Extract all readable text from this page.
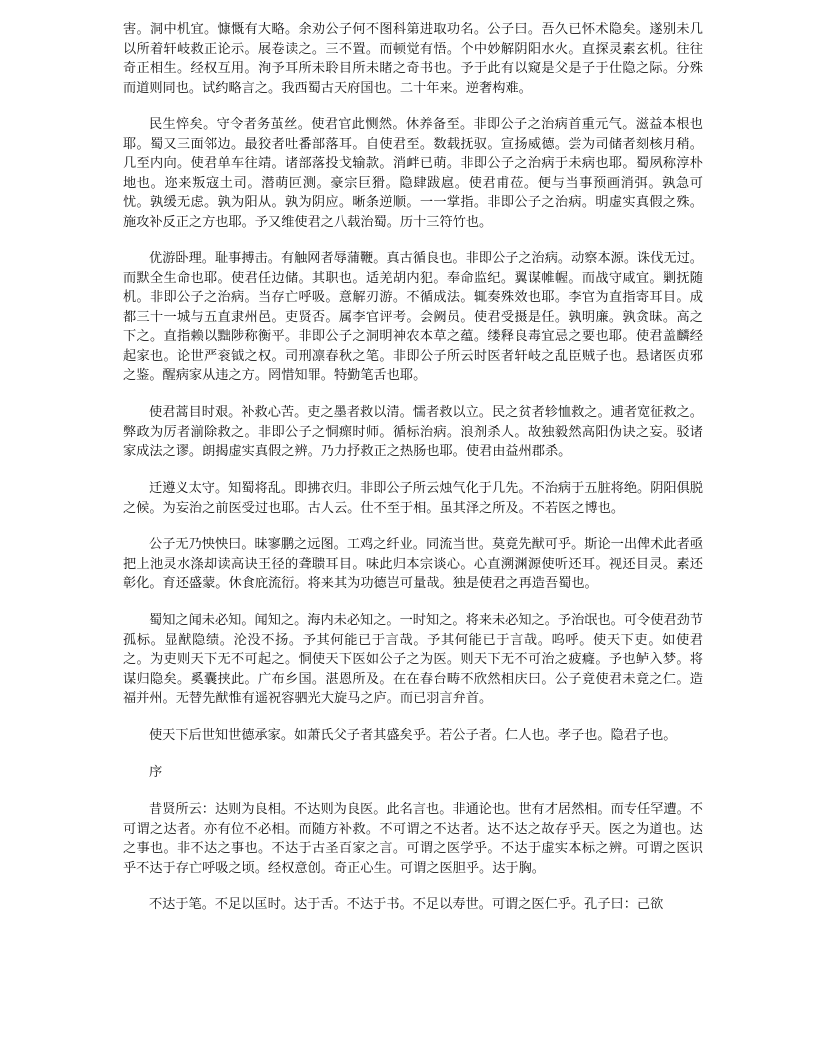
害。洞中机宜。慷慨有大略。余劝公子何不图科第进取功名。公子曰。吾久已怀术隐矣。遂别未几以所着轩岐救正论示。展卷读之。三不置。而顿觉有悟。个中妙解阴阳水火。直探灵素玄机。往往奇正相生。经权互用。洵予耳所未聆目所未睹之奇书也。予于此有以窥是父是子于仕隐之际。分殊而道则同也。试约略言之。我西蜀古天府国也。二十年来。逆奢构难。

民生悴矣。守令者务茧丝。使君官此恻然。休养备至。非即公子之治病首重元气。滋益本根也耶。蜀又三面邻边。最狡者吐番部落耳。自使君至。数载抚驭。宣扬威德。尝为司储者刻核月稍。几至内向。使君单车往靖。诸部落投戈输款。消衅已萌。非即公子之治病于未病也耶。蜀夙称淳朴地也。迩来叛寇土司。潜萌叵测。豪宗巨猾。隐肆跋扈。使君甫莅。便与当事预画消弭。孰急可忧。孰缓无虑。孰为阳从。孰为阴应。晰条逆顺。一一掌指。非即公子之治病。明虚实真假之殊。施攻补反正之方也耶。予又维使君之八载治蜀。历十三符竹也。

优游卧理。耻事搏击。有触网者辱蒲鞭。真古循良也。非即公子之治病。动察本源。诛伐无过。而默全生命也耶。使君任边储。其职也。适羌胡内犯。奉命监纪。翼谋帷幄。而战守咸宜。剿抚随机。非即公子之治病。当存亡呼吸。意解刃游。不循成法。辄奏殊效也耶。李官为直指寄耳目。成都三十一城与五直隶州邑。吏贤否。属李官评考。会阙员。使君受摄是任。孰明廉。孰贪昧。高之下之。直指赖以黜陟称衡平。非即公子之洞明神农本草之蕴。缕释良毒宜忌之要也耶。使君盖麟经起家也。论世严衮钺之权。司刑凛春秋之笔。非即公子所云时医者轩岐之乱臣贼子也。悬诸医贞邪之鉴。醒病家从违之方。罔惜知罪。特勤笔舌也耶。

使君蒿目时艰。补救心苦。吏之墨者救以清。懦者救以立。民之贫者轸恤救之。逋者宽征救之。弊政为厉者湔除救之。非即公子之恫瘝时师。循标治病。浪剂杀人。故独毅然高阳伪诀之妄。驳诸家成法之谬。朗揭虚实真假之辨。乃力抒救正之热肠也耶。使君由益州郡杀。

迁遵义太守。知蜀将乱。即拂衣归。非即公子所云烛气化于几先。不治病于五脏将绝。阴阳俱脱之候。为妄治之前医受过也耶。古人云。仕不至于相。虽其泽之所及。不若医之博也。

公子无乃怏怏曰。昧寥鹏之远图。工鸡之纤业。同流当世。莫竟先猷可乎。斯论一出俾术此者亟把上池灵水涤却读高诀王径的聋聩耳目。味此归本宗谈心。心直溯渊源使听还耳。视还目灵。素还彰化。育还盛蒙。休食庇流衍。将来其为功德岂可量哉。独是使君之再造吾蜀也。

蜀知之闻未必知。闻知之。海内未必知之。一时知之。将来未必知之。予治氓也。可令使君劲节孤标。显猷隐绩。沦没不扬。予其何能已于言哉。予其何能已于言哉。呜呼。使天下吏。如使君之。为吏则天下无不可起之。恫使天下医如公子之为医。则天下无不可治之疲癃。予也鲈入梦。将谋归隐矣。奚囊挟此。广布乡国。湛恩所及。在在春台畴不欣然相庆曰。公子竟使君未竟之仁。造福并州。无替先猷惟有遥祝容驷光大旋马之庐。而已羽言弁首。

使天下后世知世德承家。如萧氏父子者其盛矣乎。若公子者。仁人也。孝子也。隐君子也。

序

昔贤所云：达则为良相。不达则为良医。此名言也。非通论也。世有才居然相。而专任罕遭。不可谓之达者。亦有位不必相。而随方补救。不可谓之不达者。达不达之故存乎天。医之为道也。达之事也。非不达之事也。不达于古圣百家之言。可谓之医学乎。不达于虚实本标之辨。可谓之医识乎不达于存亡呼吸之顷。经权意创。奇正心生。可谓之医胆乎。达于胸。

不达于笔。不足以匡时。达于舌。不达于书。不足以寿世。可谓之医仁乎。孔子曰：己欲
